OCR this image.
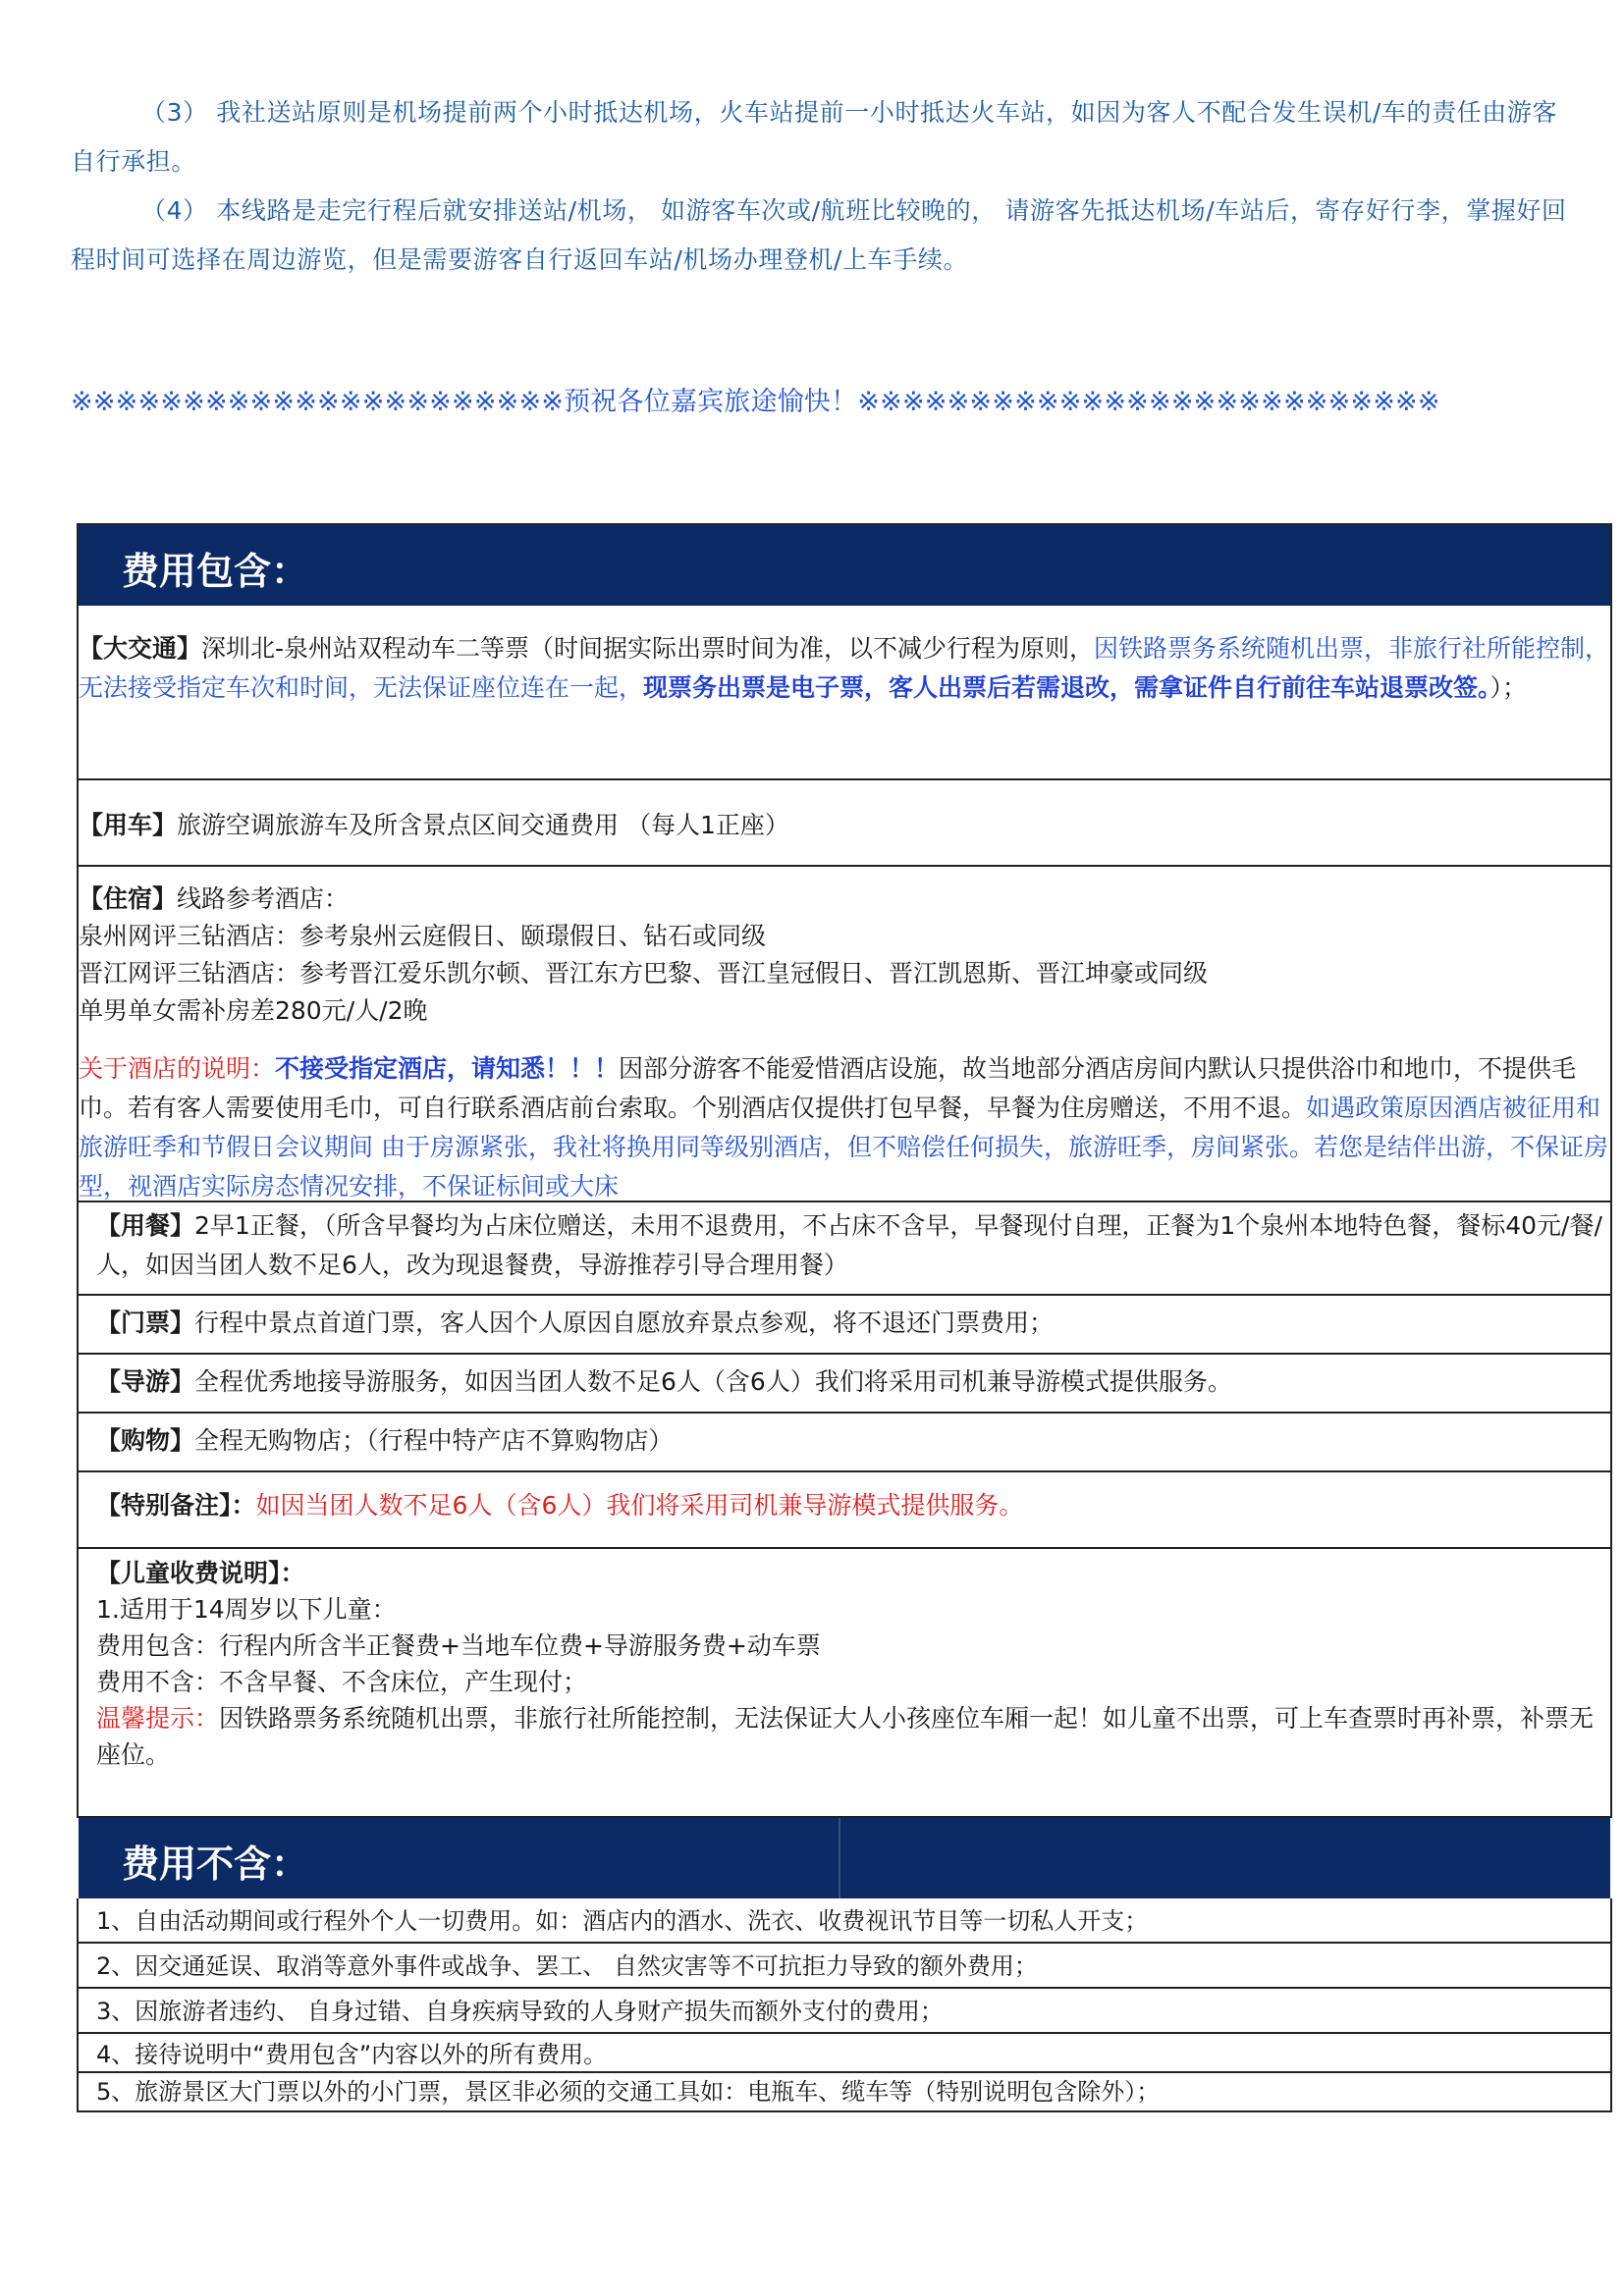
（3） 我社送站原则是机场提前两个小时抵达机场，火车站提前一小时抵达火车站，如因为客人不配合发生误机/车的责任由游客自行承担。

（4） 本线路是走完行程后就安排送站/机场， 如游客车次或/航班比较晚的， 请游客先抵达机场/车站后，寄存好行李，掌握好回程时间可选择在周边游览，但是需要游客自行返回车站/机场办理登机/上车手续。

※※※※※※※※※※※※※※※※※※※※※※预祝各位嘉宾旅途愉快！※※※※※※※※※※※※※※※※※※※※※※※※※※
费用包含：
【大交通】深圳北-泉州站双程动车二等票（时间据实际出票时间为准，以不减少行程为原则，因铁路票务系统随机出票，非旅行社所能控制，无法接受指定车次和时间，无法保证座位连在一起，现票务出票是电子票，客人出票后若需退改，需拿证件自行前往车站退票改签。）；
【用车】旅游空调旅游车及所含景点区间交通费用 （每人1正座）
【住宿】线路参考酒店：
泉州网评三钻酒店：参考泉州云庭假日、颐璟假日、钻石或同级
晋江网评三钻酒店：参考晋江爱乐凯尔顿、晋江东方巴黎、晋江皇冠假日、晋江凯恩斯、晋江坤豪或同级
单男单女需补房差280元/人/2晚
关于酒店的说明：不接受指定酒店，请知悉！！！因部分游客不能爱惜酒店设施，故当地部分酒店房间内默认只提供浴巾和地巾，不提供毛巾。若有客人需要使用毛巾，可自行联系酒店前台索取。个别酒店仅提供打包早餐，早餐为住房赠送，不用不退。如遇政策原因酒店被征用和旅游旺季和节假日会议期间 由于房源紧张，我社将换用同等级别酒店，但不赔偿任何损失，旅游旺季，房间紧张。若您是结伴出游，不保证房型，视酒店实际房态情况安排，不保证标间或大床
【用餐】2早1正餐，（所含早餐均为占床位赠送，未用不退费用，不占床不含早，早餐现付自理，正餐为1个泉州本地特色餐，餐标40元/餐/人，如因当团人数不足6人，改为现退餐费，导游推荐引导合理用餐）
【门票】行程中景点首道门票，客人因个人原因自愿放弃景点参观，将不退还门票费用；
【导游】全程优秀地接导游服务，如因当团人数不足6人（含6人）我们将采用司机兼导游模式提供服务。
【购物】全程无购物店；（行程中特产店不算购物店）
【特别备注】：如因当团人数不足6人（含6人）我们将采用司机兼导游模式提供服务。
【儿童收费说明】：
1.适用于14周岁以下儿童：
费用包含：行程内所含半正餐费+当地车位费+导游服务费+动车票
费用不含：不含早餐、不含床位，产生现付；
温馨提示：因铁路票务系统随机出票，非旅行社所能控制，无法保证大人小孩座位车厢一起！如儿童不出票，可上车查票时再补票，补票无座位。
费用不含：
1、自由活动期间或行程外个人一切费用。如：酒店内的酒水、洗衣、收费视讯节目等一切私人开支；
2、因交通延误、取消等意外事件或战争、罢工、 自然灾害等不可抗拒力导致的额外费用；
3、因旅游者违约、 自身过错、自身疾病导致的人身财产损失而额外支付的费用；
4、接待说明中“费用包含”内容以外的所有费用。
5、旅游景区大门票以外的小门票，景区非必须的交通工具如：电瓶车、缆车等（特别说明包含除外）；
